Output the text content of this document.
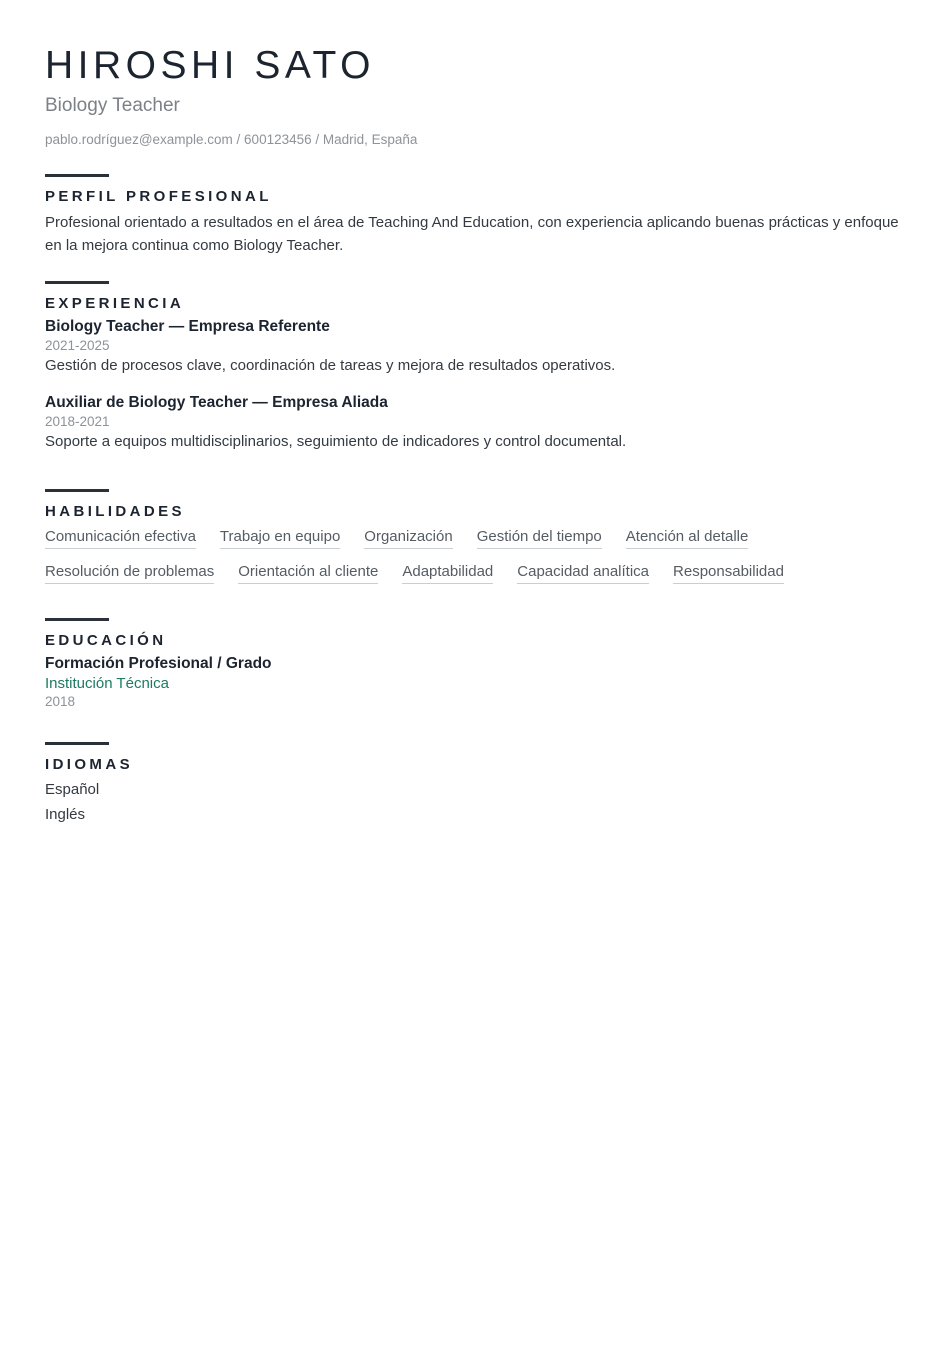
HIROSHI SATO
Biology Teacher
pablo.rodríguez@example.com / 600123456 / Madrid, España
PERFIL PROFESIONAL

Profesional orientado a resultados en el área de Teaching And Education, con experiencia aplicando buenas prácticas y enfoque en la mejora continua como Biology Teacher.

EXPERIENCIA
Biology Teacher — Empresa Referente
2021-2025

Gestión de procesos clave, coordinación de tareas y mejora de resultados operativos.

Auxiliar de Biology Teacher — Empresa Aliada
2018-2021

Soporte a equipos multidisciplinarios, seguimiento de indicadores y control documental.

HABILIDADES
Comunicación efectiva Trabajo en equipo Organización Gestión del tiempo Atención al detalle
Resolución de problemas Orientación al cliente Adaptabilidad Capacidad analítica Responsabilidad
EDUCACIÓN
Formación Profesional / Grado
Institución Técnica
2018
IDIOMAS
Español
Inglés
